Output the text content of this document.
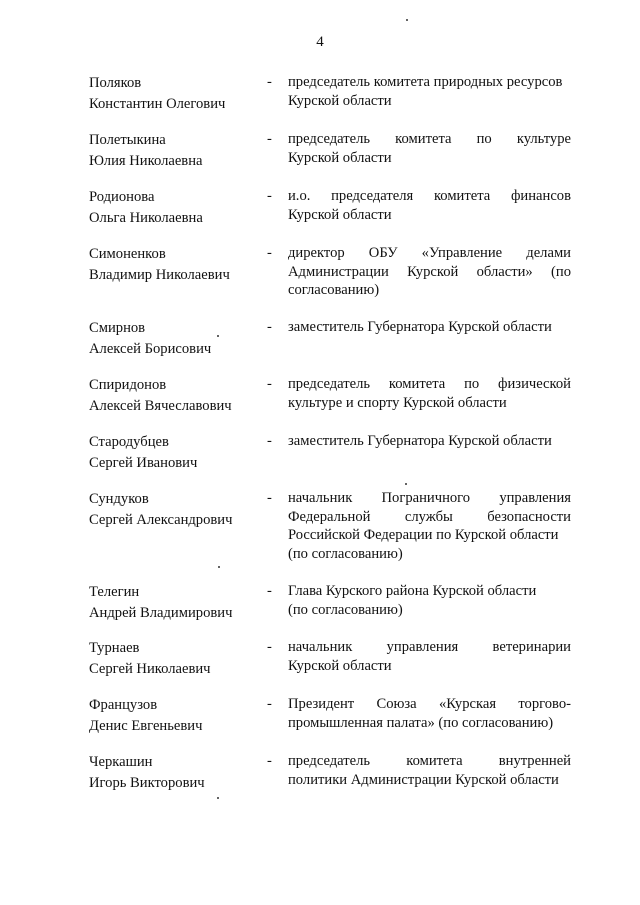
4
Поляков
Константин Олегович
-	председатель комитета природных ресурсов
Курской области
Полетыкина
Юлия Николаевна
-	председатель комитета по культуре
Курской области
Родионова
Ольга Николаевна
-	и.о. председателя комитета финансов
Курской области
Симоненков
Владимир Николаевич
-	директор ОБУ «Управление делами
Администрации Курской области» (по
согласованию)
Смирнов
Алексей Борисович
-	заместитель Губернатора Курской области
Спиридонов
Алексей Вячеславович
-	председатель комитета по физической
культуре и спорту Курской области
Стародубцев
Сергей Иванович
-	заместитель Губернатора Курской области
Сундуков
Сергей Александрович
-	начальник Пограничного управления
Федеральной службы безопасности
Российской Федерации по Курской области
(по согласованию)
Телегин
Андрей Владимирович
-	Глава Курского района Курской области
(по согласованию)
Турнаев
Сергей Николаевич
-	начальник управления ветеринарии
Курской области
Французов
Денис Евгеньевич
-	Президент Союза «Курская торгово-
промышленная палата» (по согласованию)
Черкашин
Игорь Викторович
-	председатель комитета внутренней
политики Администрации Курской области
